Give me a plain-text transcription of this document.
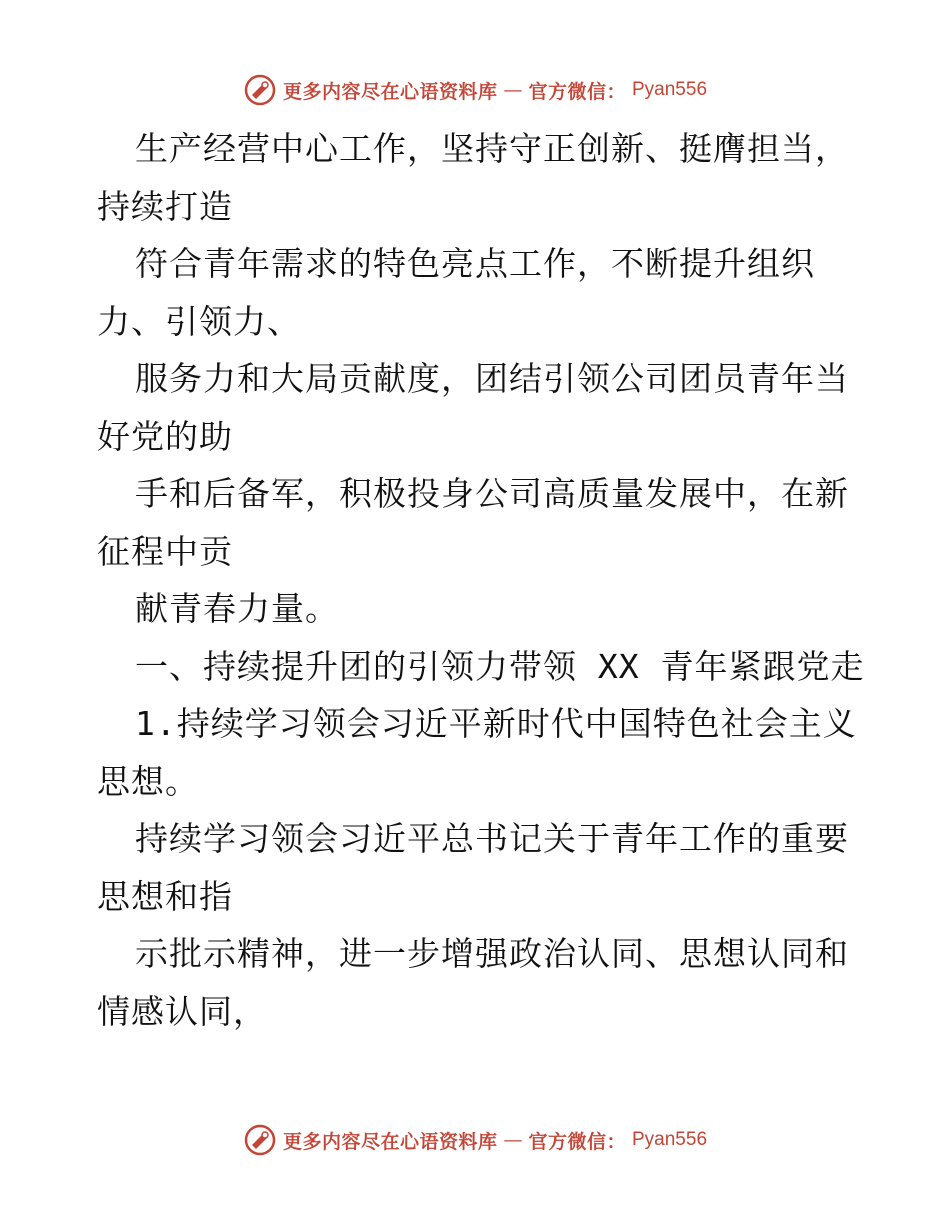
更多内容尽在心语资料库 — 官方微信： Pyan556

生产经营中心工作，坚持守正创新、挺膺担当，

持续打造

符合青年需求的特色亮点工作，不断提升组织

力、引领力、

服务力和大局贡献度，团结引领公司团员青年当

好党的助

手和后备军，积极投身公司高质量发展中，在新

征程中贡

献青春力量。

一、持续提升团的引领力带领 XX 青年紧跟党走

1.持续学习领会习近平新时代中国特色社会主义

思想。

持续学习领会习近平总书记关于青年工作的重要

思想和指

示批示精神，进一步增强政治认同、思想认同和

情感认同，

更多内容尽在心语资料库 — 官方微信： Pyan556
